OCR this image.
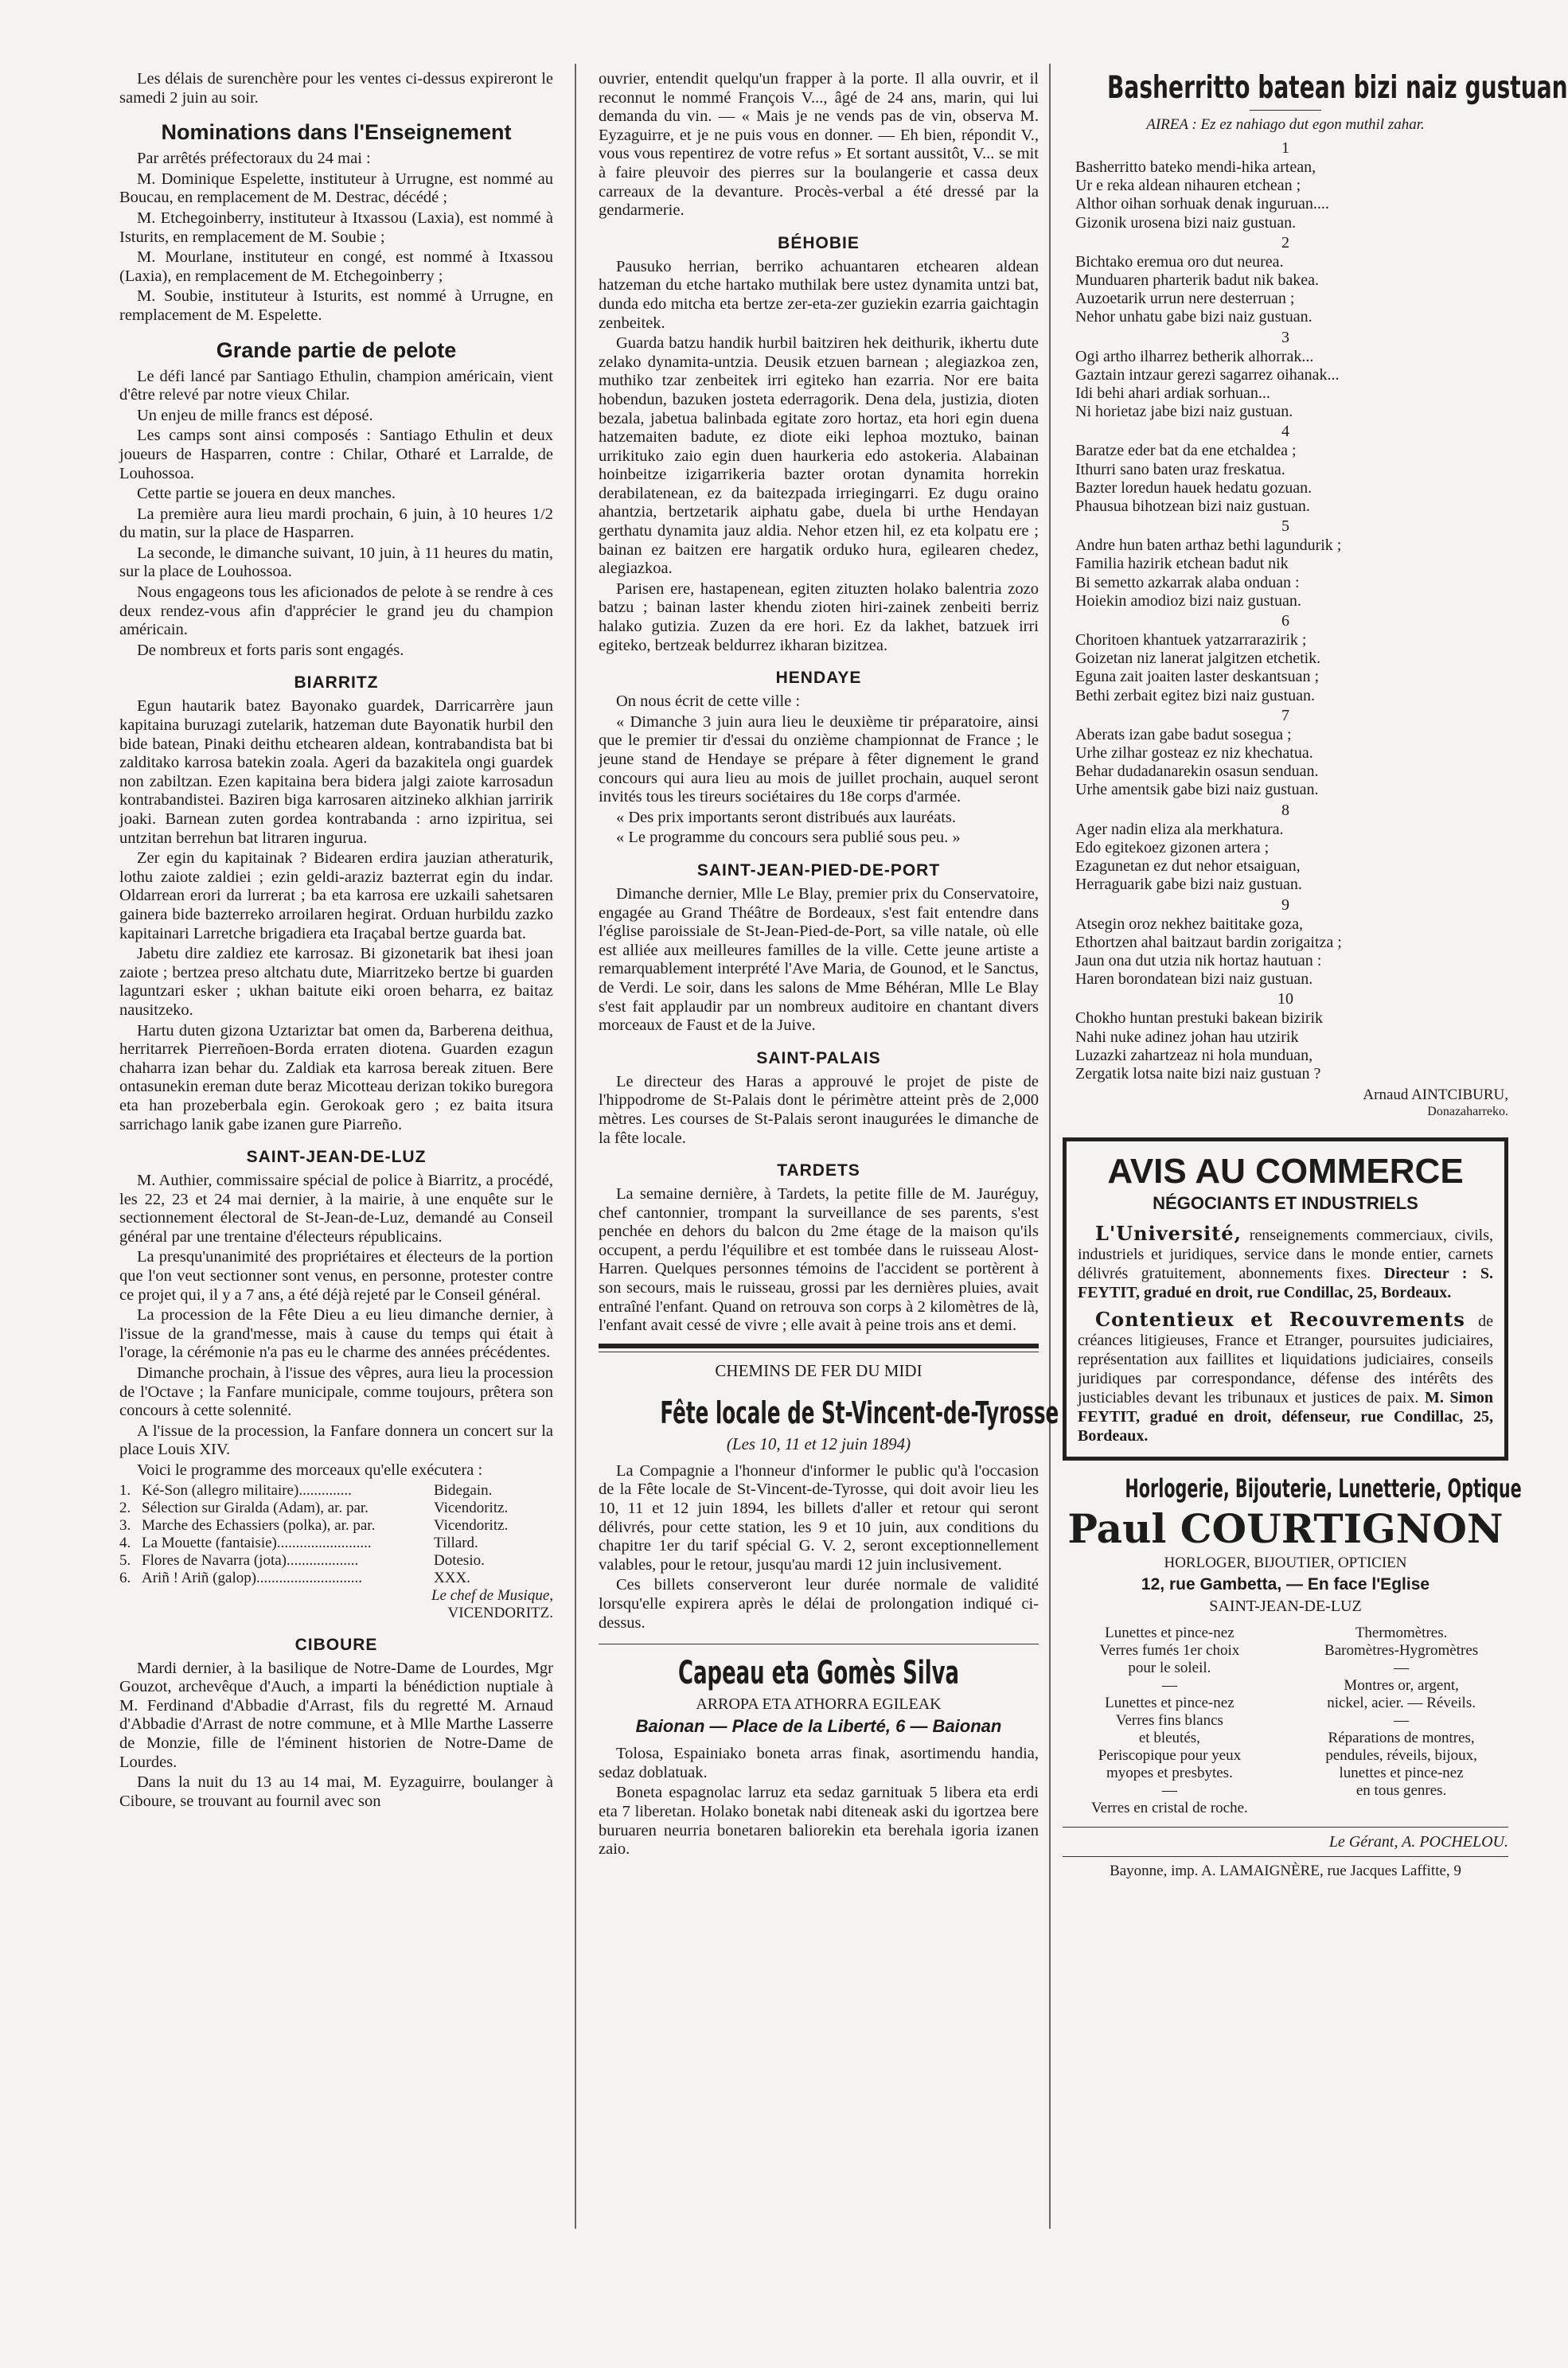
Les délais de surenchère pour les ventes ci-dessus expireront le samedi 2 juin au soir.

Nominations dans l'Enseignement

Par arrêtés préfectoraux du 24 mai :

M. Dominique Espelette, instituteur à Urrugne, est nommé au Boucau, en remplacement de M. Destrac, décédé ;

M. Etchegoinberry, instituteur à Itxassou (Laxia), est nommé à Isturits, en remplacement de M. Soubie ;

M. Mourlane, instituteur en congé, est nommé à Itxassou (Laxia), en remplacement de M. Etchegoinberry ;

M. Soubie, instituteur à Isturits, est nommé à Urrugne, en remplacement de M. Espelette.

Grande partie de pelote

Le défi lancé par Santiago Ethulin, champion américain, vient d'être relevé par notre vieux Chilar.

Un enjeu de mille francs est déposé.

Les camps sont ainsi composés : Santiago Ethulin et deux joueurs de Hasparren, contre : Chilar, Otharé et Larralde, de Louhossoa.

Cette partie se jouera en deux manches.

La première aura lieu mardi prochain, 6 juin, à 10 heures 1/2 du matin, sur la place de Hasparren.

La seconde, le dimanche suivant, 10 juin, à 11 heures du matin, sur la place de Louhossoa.

Nous engageons tous les aficionados de pelote à se rendre à ces deux rendez-vous afin d'apprécier le grand jeu du champion américain.

De nombreux et forts paris sont engagés.

BIARRITZ

Egun hautarik batez Bayonako guardek, Darricarrère jaun kapitaina buruzagi zutelarik, hatzeman dute Bayonatik hurbil den bide batean, Pinaki deithu etchearen aldean, kontrabandista bat bi zalditako karrosa batekin zoala. Ageri da bazakitela ongi guardek non zabiltzan. Ezen kapitaina bera bidera jalgi zaiote karrosadun kontrabandistei. Baziren biga karrosaren aitzineko alkhian jarririk joaki. Barnean zuten gordea kontrabanda : arno izpiritua, sei untzitan berrehun bat litraren ingurua.

Zer egin du kapitainak ? Bidearen erdira jauzian atheraturik, lothu zaiote zaldiei ; ezin geldi-araziz bazterrat egin du indar. Oldarrean erori da lurrerat ; ba eta karrosa ere uzkaili sahetsaren gainera bide bazterreko arroilaren hegirat. Orduan hurbildu zazko kapitainari Larretche brigadiera eta Iraçabal bertze guarda bat.

Jabetu dire zaldiez ete karrosaz. Bi gizonetarik bat ihesi joan zaiote ; bertzea preso altchatu dute, Miarritzeko bertze bi guarden laguntzari esker ; ukhan baitute eiki oroen beharra, ez baitaz nausitzeko.

Hartu duten gizona Uztariztar bat omen da, Barberena deithua, herritarrek Pierreñoen-Borda erraten diotena. Guarden ezagun chaharra izan behar du. Zaldiak eta karrosa bereak zituen. Bere ontasunekin ereman dute beraz Micotteau derizan tokiko buregora eta han prozeberbala egin. Gerokoak gero ; ez baita itsura sarrichago lanik gabe izanen gure Piarreño.

SAINT-JEAN-DE-LUZ

M. Authier, commissaire spécial de police à Biarritz, a procédé, les 22, 23 et 24 mai dernier, à la mairie, à une enquête sur le sectionnement électoral de St-Jean-de-Luz, demandé au Conseil général par une trentaine d'électeurs républicains.

La presqu'unanimité des propriétaires et électeurs de la portion que l'on veut sectionner sont venus, en personne, protester contre ce projet qui, il y a 7 ans, a été déjà rejeté par le Conseil général.

La procession de la Fête Dieu a eu lieu dimanche dernier, à l'issue de la grand'messe, mais à cause du temps qui était à l'orage, la cérémonie n'a pas eu le charme des années précédentes.

Dimanche prochain, à l'issue des vêpres, aura lieu la procession de l'Octave ; la Fanfare municipale, comme toujours, prêtera son concours à cette solennité.

A l'issue de la procession, la Fanfare donnera un concert sur la place Louis XIV.

Voici le programme des morceaux qu'elle exécutera :

1. Ké-Son (allegro militaire)..............	Bidegain.
2. Sélection sur Giralda (Adam), ar. par.	Vicendoritz.
3. Marche des Echassiers (polka), ar. par.	Vicendoritz.
4. La Mouette (fantaisie).........................	Tillard.
5. Flores de Navarra (jota)...................	Dotesio.
6. Ariñ ! Ariñ (galop)............................	XXX.
Le chef de Musique,
VICENDORITZ.
CIBOURE

Mardi dernier, à la basilique de Notre-Dame de Lourdes, Mgr Gouzot, archevêque d'Auch, a imparti la bénédiction nuptiale à M. Ferdinand d'Abbadie d'Arrast, fils du regretté M. Arnaud d'Abbadie d'Arrast de notre commune, et à Mlle Marthe Lasserre de Monzie, fille de l'éminent historien de Notre-Dame de Lourdes.

Dans la nuit du 13 au 14 mai, M. Eyzaguirre, boulanger à Ciboure, se trouvant au fournil avec son

ouvrier, entendit quelqu'un frapper à la porte. Il alla ouvrir, et il reconnut le nommé François V..., âgé de 24 ans, marin, qui lui demanda du vin. — « Mais je ne vends pas de vin, observa M. Eyzaguirre, et je ne puis vous en donner. — Eh bien, répondit V., vous vous repentirez de votre refus » Et sortant aussitôt, V... se mit à faire pleuvoir des pierres sur la boulangerie et cassa deux carreaux de la devanture. Procès-verbal a été dressé par la gendarmerie.

BÉHOBIE

Pausuko herrian, berriko achuantaren etchearen aldean hatzeman du etche hartako muthilak bere ustez dynamita untzi bat, dunda edo mitcha eta bertze zer-eta-zer guziekin ezarria gaichtagin zenbeitek.

Guarda batzu handik hurbil baitziren hek deithurik, ikhertu dute zelako dynamita-untzia. Deusik etzuen barnean ; alegiazkoa zen, muthiko tzar zenbeitek irri egiteko han ezarria. Nor ere baita hobendun, bazuken josteta ederragorik. Dena dela, justizia, dioten bezala, jabetua balinbada egitate zoro hortaz, eta hori egin duena hatzemaiten badute, ez diote eiki lephoa moztuko, bainan urrikituko zaio egin duen haurkeria edo astokeria. Alabainan hoinbeitze izigarrikeria bazter orotan dynamita horrekin derabilatenean, ez da baitezpada irriegingarri. Ez dugu oraino ahantzia, bertzetarik aiphatu gabe, duela bi urthe Hendayan gerthatu dynamita jauz aldia. Nehor etzen hil, ez eta kolpatu ere ; bainan ez baitzen ere hargatik orduko hura, egilearen chedez, alegiazkoa.

Parisen ere, hastapenean, egiten zituzten holako balentria zozo batzu ; bainan laster khendu zioten hiri-zainek zenbeiti berriz halako gutizia. Zuzen da ere hori. Ez da lakhet, batzuek irri egiteko, bertzeak beldurrez ikharan bizitzea.

HENDAYE

On nous écrit de cette ville :

« Dimanche 3 juin aura lieu le deuxième tir préparatoire, ainsi que le premier tir d'essai du onzième championnat de France ; le jeune stand de Hendaye se prépare à fêter dignement le grand concours qui aura lieu au mois de juillet prochain, auquel seront invités tous les tireurs sociétaires du 18e corps d'armée.

« Des prix importants seront distribués aux lauréats.

« Le programme du concours sera publié sous peu. »

SAINT-JEAN-PIED-DE-PORT

Dimanche dernier, Mlle Le Blay, premier prix du Conservatoire, engagée au Grand Théâtre de Bordeaux, s'est fait entendre dans l'église paroissiale de St-Jean-Pied-de-Port, sa ville natale, où elle est alliée aux meilleures familles de la ville. Cette jeune artiste a remarquablement interprété l'Ave Maria, de Gounod, et le Sanctus, de Verdi. Le soir, dans les salons de Mme Béhéran, Mlle Le Blay s'est fait applaudir par un nombreux auditoire en chantant divers morceaux de Faust et de la Juive.

SAINT-PALAIS

Le directeur des Haras a approuvé le projet de piste de l'hippodrome de St-Palais dont le périmètre atteint près de 2,000 mètres. Les courses de St-Palais seront inaugurées le dimanche de la fête locale.

TARDETS

La semaine dernière, à Tardets, la petite fille de M. Jauréguy, chef cantonnier, trompant la surveillance de ses parents, s'est penchée en dehors du balcon du 2me étage de la maison qu'ils occupent, a perdu l'équilibre et est tombée dans le ruisseau Alost-Harren. Quelques personnes témoins de l'accident se portèrent à son secours, mais le ruisseau, grossi par les dernières pluies, avait entraîné l'enfant. Quand on retrouva son corps à 2 kilomètres de là, l'enfant avait cessé de vivre ; elle avait à peine trois ans et demi.

CHEMINS DE FER DU MIDI
Fête locale de St-Vincent-de-Tyrosse
(Les 10, 11 et 12 juin 1894)

La Compagnie a l'honneur d'informer le public qu'à l'occasion de la Fête locale de St-Vincent-de-Tyrosse, qui doit avoir lieu les 10, 11 et 12 juin 1894, les billets d'aller et retour qui seront délivrés, pour cette station, les 9 et 10 juin, aux conditions du chapitre 1er du tarif spécial G. V. 2, seront exceptionnellement valables, pour le retour, jusqu'au mardi 12 juin inclusivement.

Ces billets conserveront leur durée normale de validité lorsqu'elle expirera après le délai de prolongation indiqué ci-dessus.

Capeau eta Gomès Silva
ARROPA ETA ATHORRA EGILEAK
Baionan — Place de la Liberté, 6 — Baionan

Tolosa, Espainiako boneta arras finak, asortimendu handia, sedaz doblatuak.

Boneta espagnolac larruz eta sedaz garnituak 5 libera eta erdi eta 7 liberetan. Holako bonetak nabi diteneak aski du igortzea bere buruaren neurria bonetaren baliorekin eta berehala igoria izanen zaio.

Basherritto batean bizi naiz gustuan
AIREA : Ez ez nahiago dut egon muthil zahar.
1
Basherritto bateko mendi-hika artean,
Ur e reka aldean nihauren etchean ;
Althor oihan sorhuak denak inguruan....
Gizonik urosena bizi naiz gustuan.
2
Bichtako eremua oro dut neurea.
Munduaren pharterik badut nik bakea.
Auzoetarik urrun nere desterruan ;
Nehor unhatu gabe bizi naiz gustuan.
3
Ogi artho ilharrez betherik alhorrak...
Gaztain intzaur gerezi sagarrez oihanak...
Idi behi ahari ardiak sorhuan...
Ni horietaz jabe bizi naiz gustuan.
4
Baratze eder bat da ene etchaldea ;
Ithurri sano baten uraz freskatua.
Bazter loredun hauek hedatu gozuan.
Phausua bihotzean bizi naiz gustuan.
5
Andre hun baten arthaz bethi lagundurik ;
Familia hazirik etchean badut nik
Bi semetto azkarrak alaba onduan :
Hoiekin amodioz bizi naiz gustuan.
6
Choritoen khantuek yatzarrarazirik ;
Goizetan niz lanerat jalgitzen etchetik.
Eguna zait joaiten laster deskantsuan ;
Bethi zerbait egitez bizi naiz gustuan.
7
Aberats izan gabe badut sosegua ;
Urhe zilhar gosteaz ez niz khechatua.
Behar dudadanarekin osasun senduan.
Urhe amentsik gabe bizi naiz gustuan.
8
Ager nadin eliza ala merkhatura.
Edo egitekoez gizonen artera ;
Ezagunetan ez dut nehor etsaiguan,
Herraguarik gabe bizi naiz gustuan.
9
Atsegin oroz nekhez baititake goza,
Ethortzen ahal baitzaut bardin zorigaitza ;
Jaun ona dut utzia nik hortaz hautuan :
Haren borondatean bizi naiz gustuan.
10
Chokho huntan prestuki bakean bizirik
Nahi nuke adinez johan hau utzirik
Luzazki zahartzeaz ni hola munduan,
Zergatik lotsa naite bizi naiz gustuan ?
Arnaud AINTCIBURU,
Donazaharreko.
AVIS AU COMMERCE
NÉGOCIANTS ET INDUSTRIELS

L'Université, renseignements commerciaux, civils, industriels et juridiques, service dans le monde entier, carnets délivrés gratuitement, abonnements fixes. Directeur : S. FEYTIT, gradué en droit, rue Condillac, 25, Bordeaux.

Contentieux et Recouvrements de créances litigieuses, France et Etranger, poursuites judiciaires, représentation aux faillites et liquidations judiciaires, conseils juridiques par correspondance, défense des intérêts des justiciables devant les tribunaux et justices de paix. M. Simon FEYTIT, gradué en droit, défenseur, rue Condillac, 25, Bordeaux.

Horlogerie, Bijouterie, Lunetterie, Optique
Paul COURTIGNON
HORLOGER, BIJOUTIER, OPTICIEN
12, rue Gambetta, — En face l'Eglise
SAINT-JEAN-DE-LUZ
Lunettes et pince-nez
Verres fumés 1er choix
pour le soleil.
—
Lunettes et pince-nez
Verres fins blancs
et bleutés,
Periscopique pour yeux
myopes et presbytes.
—
Verres en cristal de roche.
Thermomètres.
Baromètres-Hygromètres
—
Montres or, argent,
nickel, acier. — Réveils.
—
Réparations de montres,
pendules, réveils, bijoux,
lunettes et pince-nez
en tous genres.
Le Gérant, A. POCHELOU.
Bayonne, imp. A. LAMAIGNÈRE, rue Jacques Laffitte, 9
